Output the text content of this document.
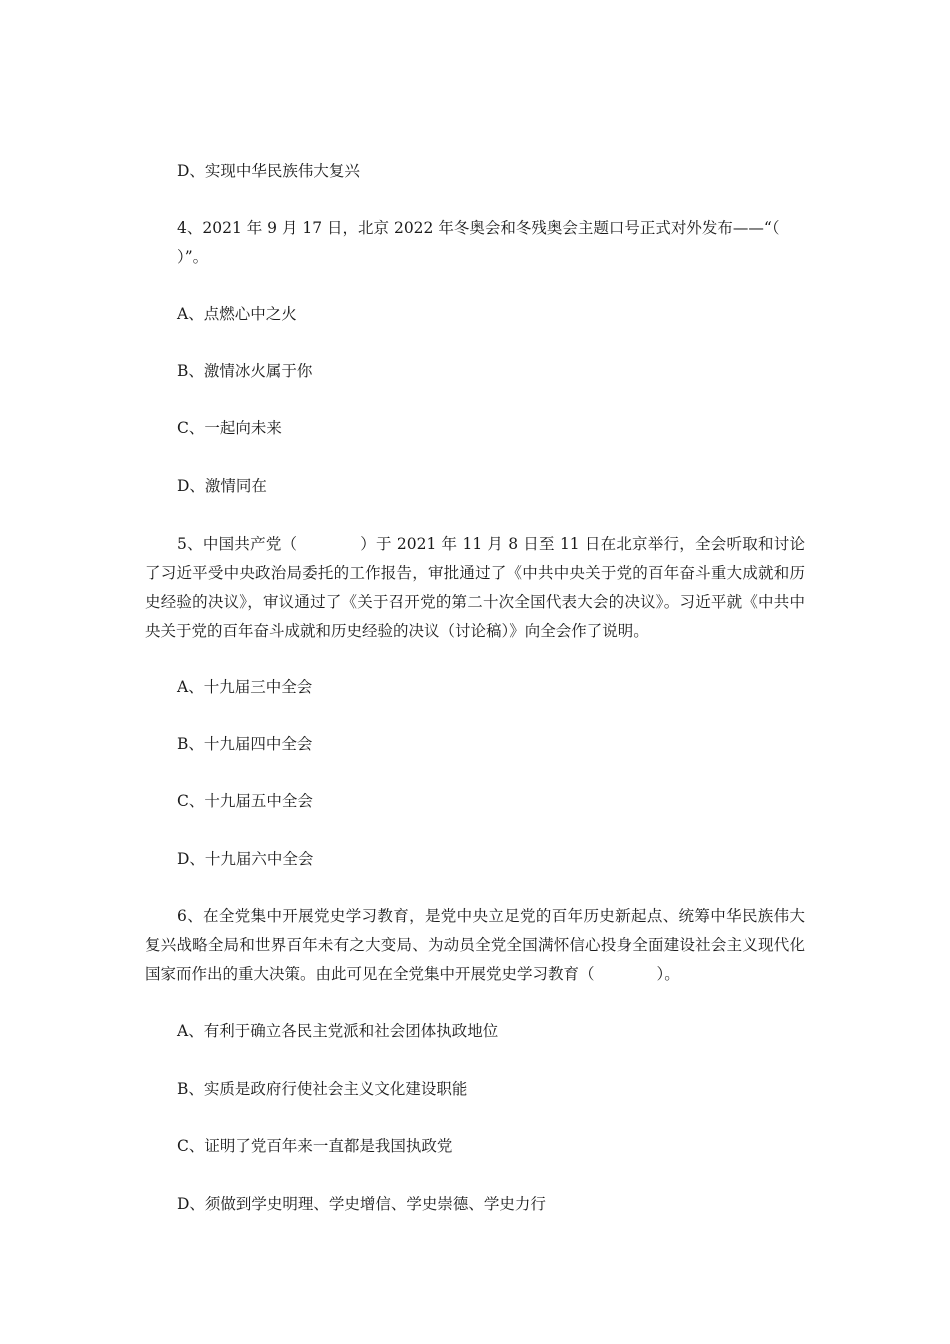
D、实现中华民族伟大复兴
4、2021 年 9 月 17 日，北京 2022 年冬奥会和冬残奥会主题口号正式对外发布——“（
）”。
A、点燃心中之火
B、激情冰火属于你
C、一起向未来
D、激情同在
5、中国共产党（　　　　）于 2021 年 11 月 8 日至 11 日在北京举行，全会听取和讨论了习近平受中央政治局委托的工作报告，审批通过了《中共中央关于党的百年奋斗重大成就和历史经验的决议》，审议通过了《关于召开党的第二十次全国代表大会的决议》。习近平就《中共中央关于党的百年奋斗成就和历史经验的决议（讨论稿）》向全会作了说明。
A、十九届三中全会
B、十九届四中全会
C、十九届五中全会
D、十九届六中全会
6、在全党集中开展党史学习教育，是党中央立足党的百年历史新起点、统筹中华民族伟大复兴战略全局和世界百年未有之大变局、为动员全党全国满怀信心投身全面建设社会主义现代化国家而作出的重大决策。由此可见在全党集中开展党史学习教育（　　　　）。
A、有利于确立各民主党派和社会团体执政地位
B、实质是政府行使社会主义文化建设职能
C、证明了党百年来一直都是我国执政党
D、须做到学史明理、学史增信、学史崇德、学史力行
